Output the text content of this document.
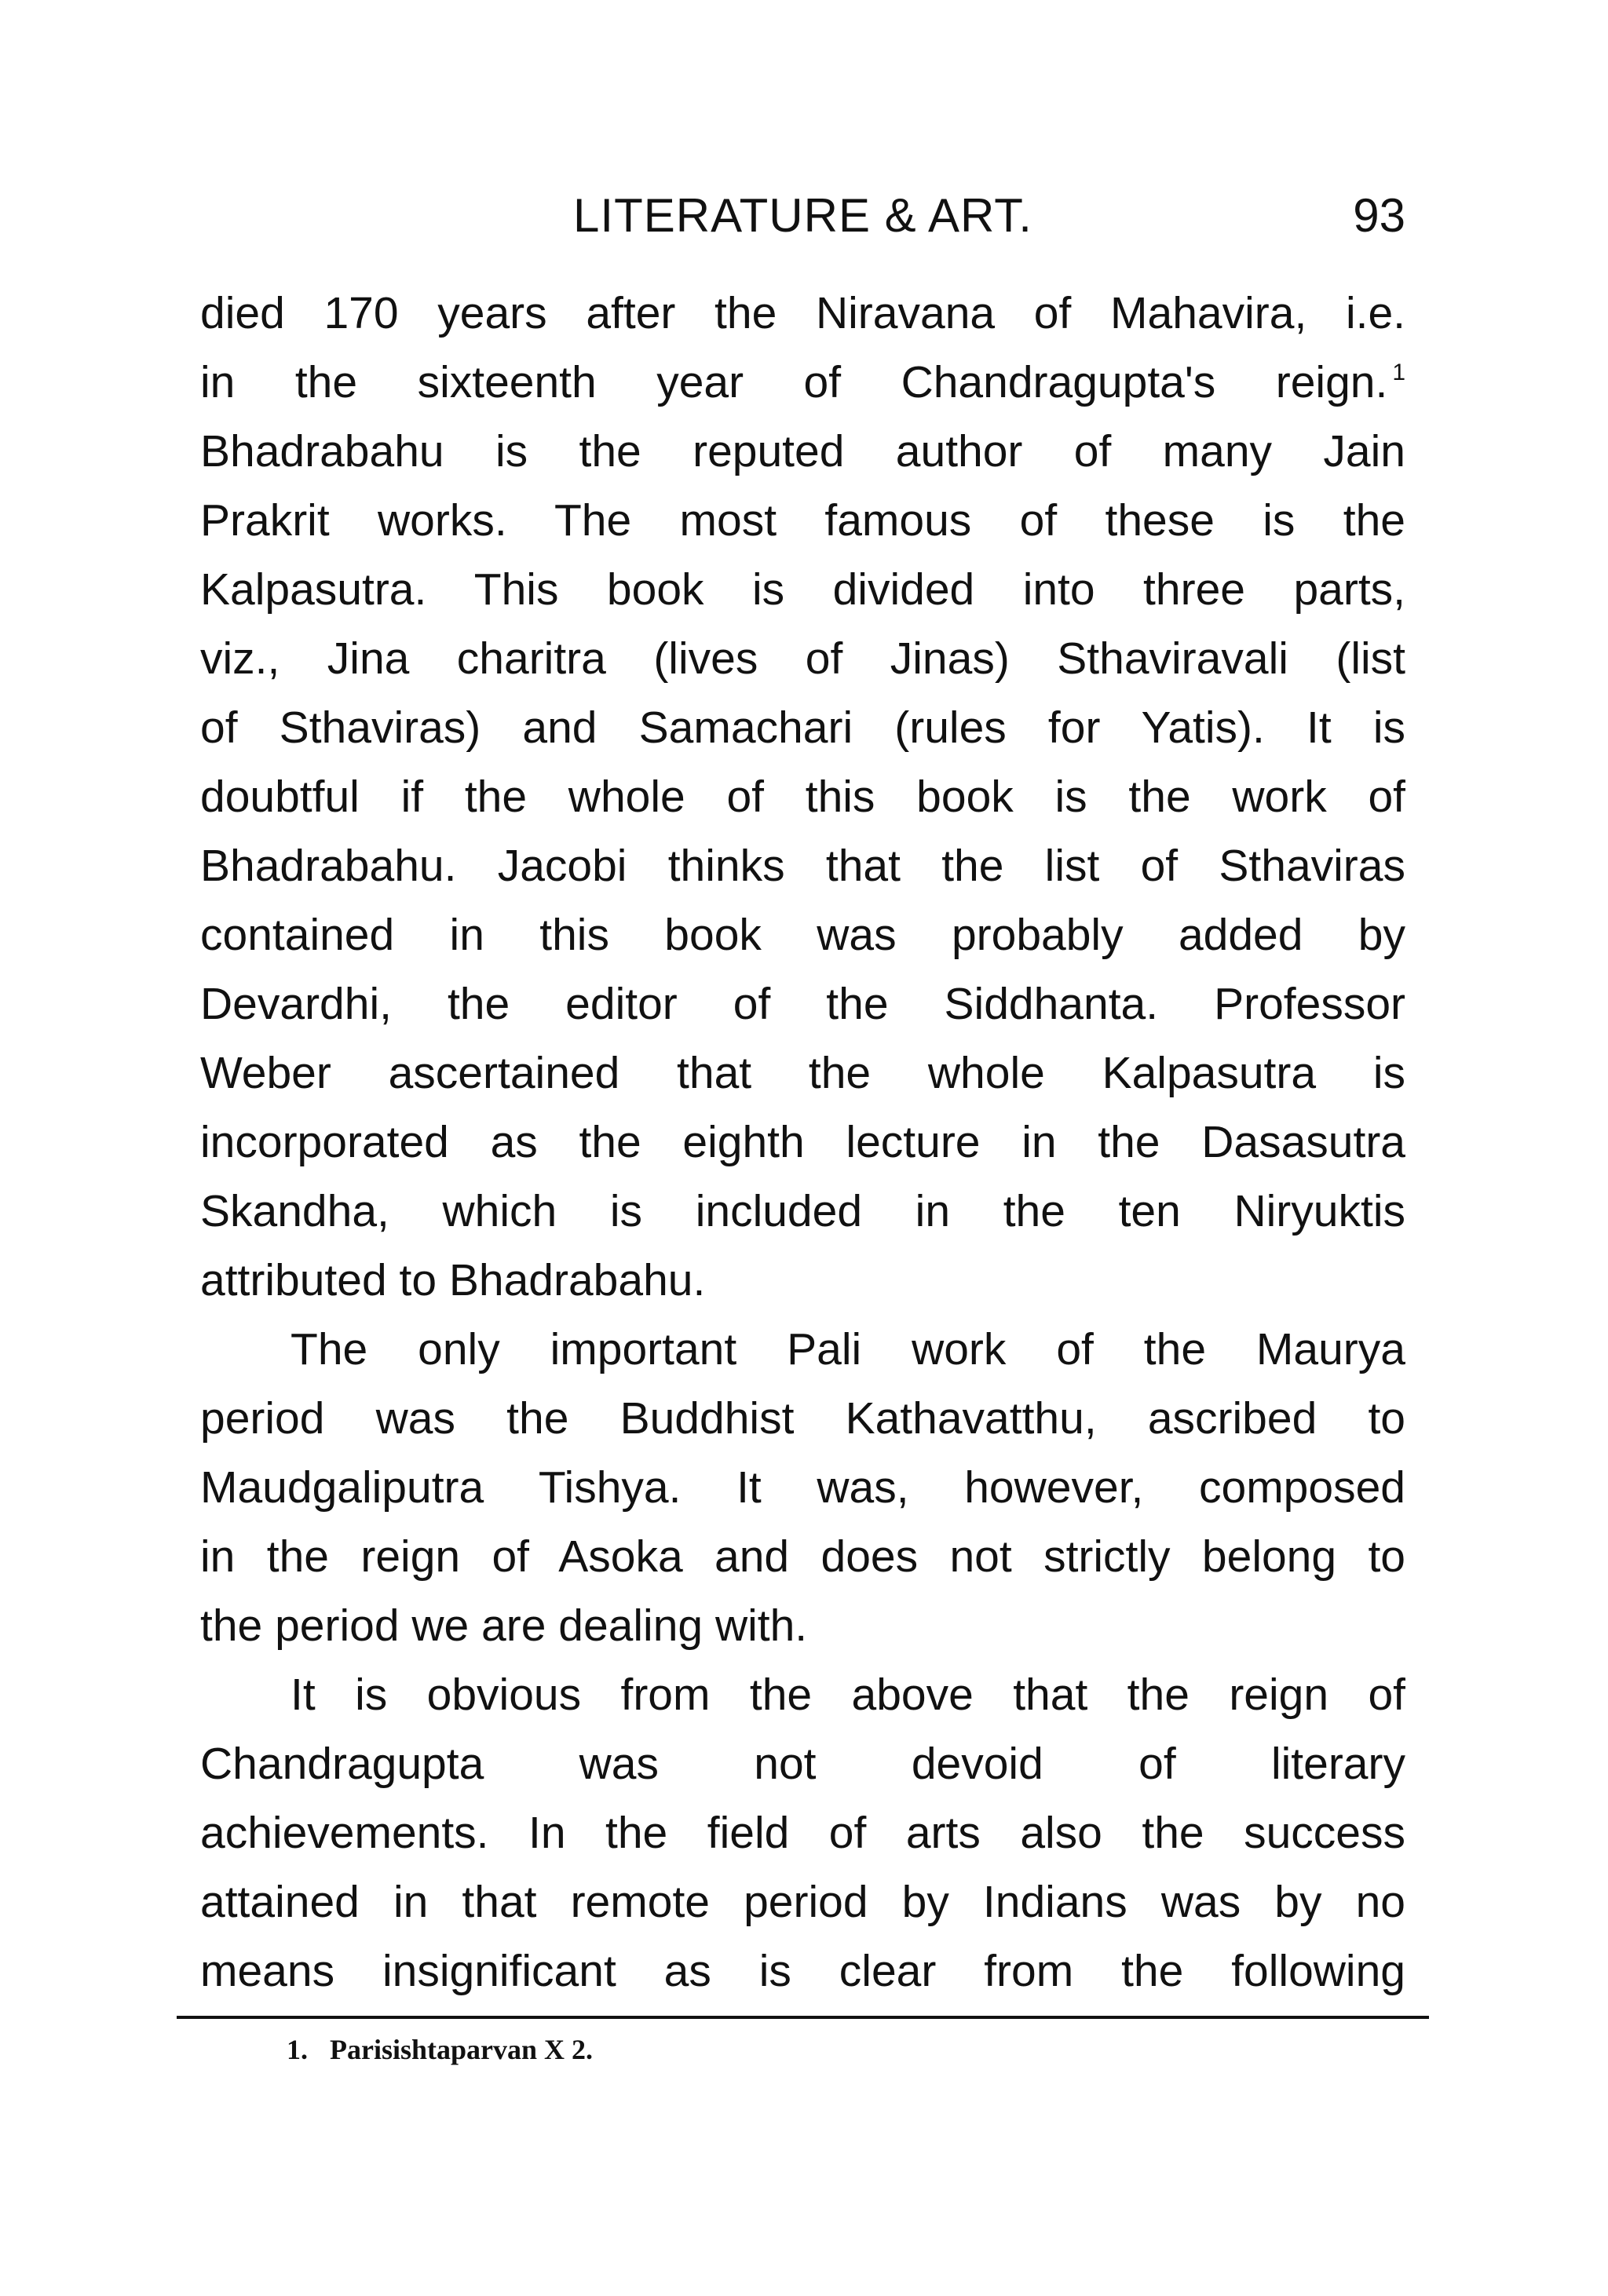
LITERATURE & ART.	93
died 170 years after the Niravana of Mahavira, i.e.
in the sixteenth year of Chandragupta's reign. $^1$
Bhadrabahu is the reputed author of many Jain
Prakrit works. The most famous of these is the
Kalpasutra. This book is divided into three parts,
viz., Jina charitra (lives of Jinas) Sthaviravali (list
of Sthaviras) and Samachari (rules for Yatis). It is
doubtful if the whole of this book is the work of
Bhadrabahu. Jacobi thinks that the list of Sthaviras
contained in this book was probably added by
Devardhi, the editor of the Siddhanta. Professor
Weber ascertained that the whole Kalpasutra is
incorporated as the eighth lecture in the Dasasutra
Skandha, which is included in the ten Niryuktis
attributed to Bhadrabahu.
The only important Pali work of the Maurya
period was the Buddhist Kathavatthu, ascribed to
Maudgaliputra Tishya. It was, however, composed
in the reign of Asoka and does not strictly belong to
the period we are dealing with.
It is obvious from the above that the reign of
Chandragupta was not devoid of literary
achievements. In the field of arts also the success
attained in that remote period by Indians was by no
means insignificant as is clear from the following
1. Parisishtaparvan X 2.
